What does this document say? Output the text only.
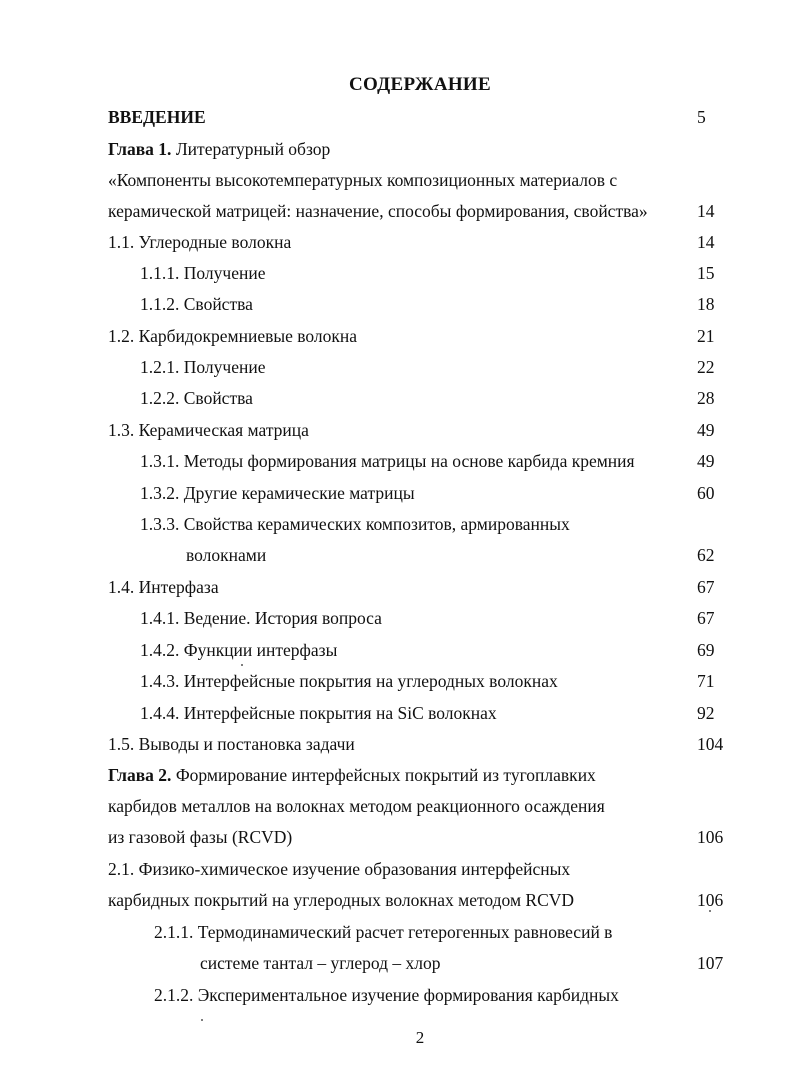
СОДЕРЖАНИЕ
ВВЕДЕНИЕ	5
Глава 1. Литературный обзор
«Компоненты высокотемпературных композиционных материалов с
керамической матрицей: назначение, способы формирования, свойства»	14
1.1. Углеродные волокна	14
1.1.1. Получение	15
1.1.2. Свойства	18
1.2. Карбидокремниевые волокна	21
1.2.1. Получение	22
1.2.2. Свойства	28
1.3. Керамическая матрица	49
1.3.1. Методы формирования матрицы на основе карбида кремния	49
1.3.2. Другие керамические матрицы	60
1.3.3. Свойства керамических композитов, армированных
волокнами	62
1.4. Интерфаза	67
1.4.1. Ведение. История вопроса	67
1.4.2. Функции интерфазы	69
1.4.3. Интерфейсные покрытия на углеродных волокнах	71
1.4.4. Интерфейсные покрытия на SiC волокнах	92
1.5. Выводы и постановка задачи	104
Глава 2. Формирование интерфейсных покрытий из тугоплавких
карбидов металлов на волокнах методом реакционного осаждения
из газовой фазы (RCVD)	106
2.1. Физико-химическое изучение образования интерфейсных
карбидных покрытий на углеродных волокнах методом RCVD	106
2.1.1. Термодинамический расчет гетерогенных равновесий в
системе тантал – углерод – хлор	107
2.1.2. Экспериментальное изучение формирования карбидных
2
